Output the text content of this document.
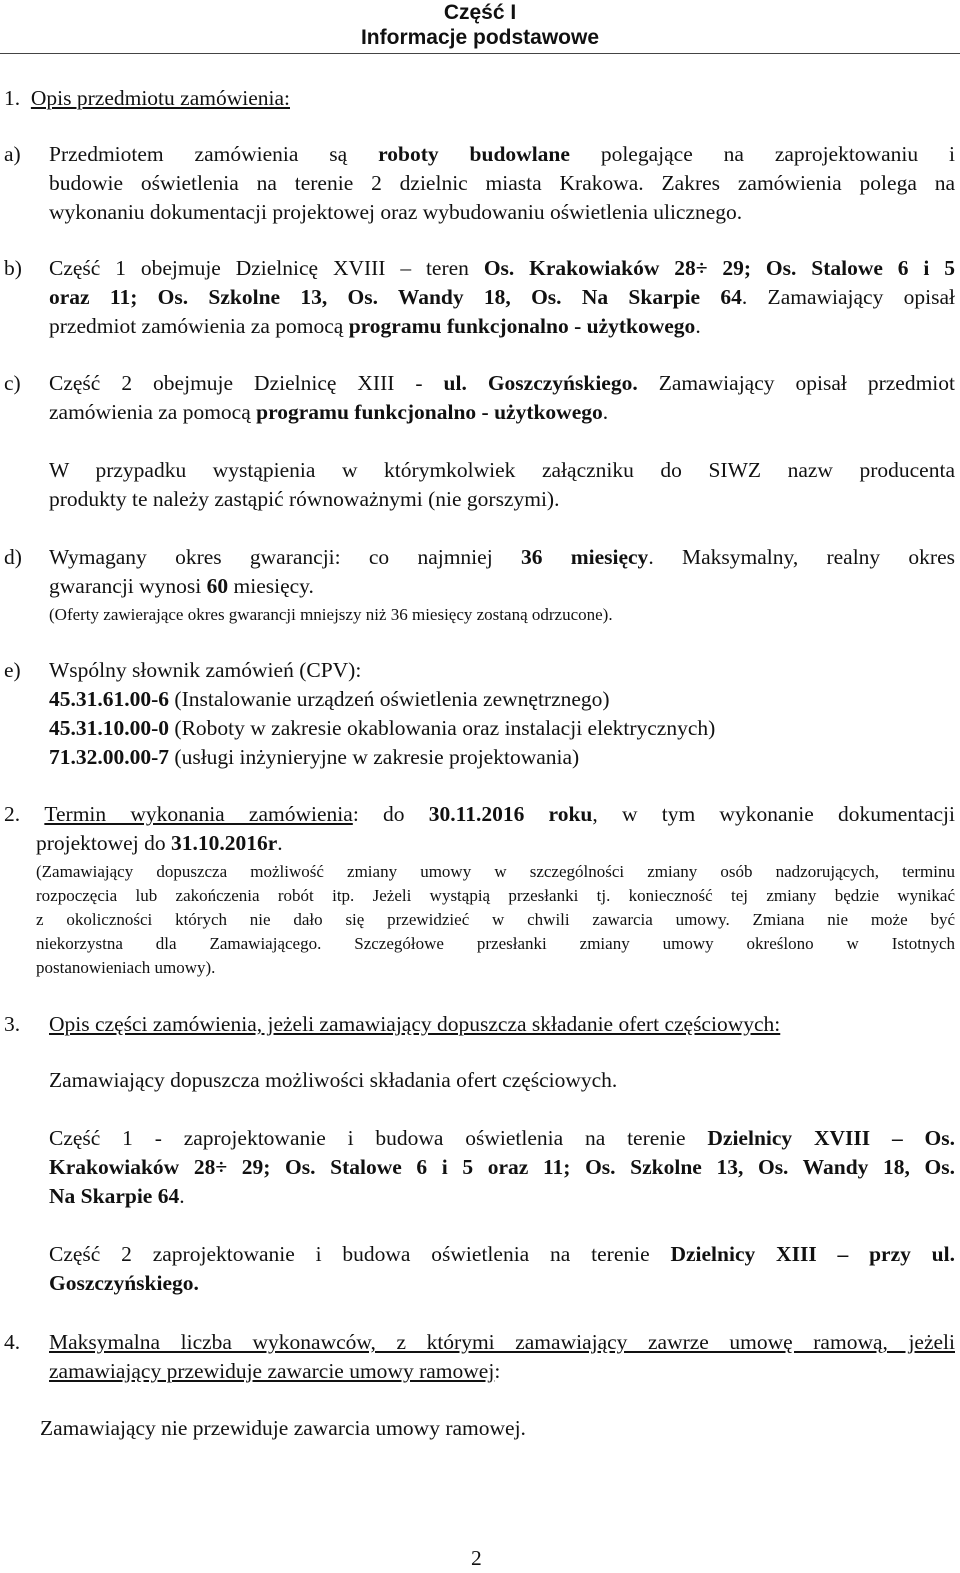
Część I
Informacje podstawowe
1. Opis przedmiotu zamówienia:
a) Przedmiotem zamówienia są roboty budowlane polegające na zaprojektowaniu i
budowie oświetlenia na terenie 2 dzielnic miasta Krakowa. Zakres zamówienia polega na
wykonaniu dokumentacji projektowej oraz wybudowaniu oświetlenia ulicznego.
b) Część 1 obejmuje Dzielnicę XVIII – teren Os. Krakowiaków 28÷ 29; Os. Stalowe 6 i 5
oraz 11; Os. Szkolne 13, Os. Wandy 18, Os. Na Skarpie 64. Zamawiający opisał
przedmiot zamówienia za pomocą programu funkcjonalno - użytkowego.
c) Część 2 obejmuje Dzielnicę XIII - ul. Goszczyńskiego. Zamawiający opisał przedmiot
zamówienia za pomocą programu funkcjonalno - użytkowego.
W przypadku wystąpienia w którymkolwiek załączniku do SIWZ nazw producenta
produkty te należy zastąpić równoważnymi (nie gorszymi).
d) Wymagany okres gwarancji: co najmniej 36 miesięcy. Maksymalny, realny okres
gwarancji wynosi 60 miesięcy.
(Oferty zawierające okres gwarancji mniejszy niż 36 miesięcy zostaną odrzucone).
e) Wspólny słownik zamówień (CPV):
45.31.61.00-6 (Instalowanie urządzeń oświetlenia zewnętrznego)
45.31.10.00-0 (Roboty w zakresie okablowania oraz instalacji elektrycznych)
71.32.00.00-7 (usługi inżynieryjne w zakresie projektowania)
2. Termin wykonania zamówienia: do 30.11.2016 roku, w tym wykonanie dokumentacji
projektowej do 31.10.2016r.
(Zamawiający dopuszcza możliwość zmiany umowy w szczególności zmiany osób nadzorujących, terminu
rozpoczęcia lub zakończenia robót itp. Jeżeli wystąpią przesłanki tj. konieczność tej zmiany będzie wynikać
z okoliczności których nie dało się przewidzieć w chwili zawarcia umowy. Zmiana nie może być
niekorzystna dla Zamawiającego. Szczegółowe przesłanki zmiany umowy określono w Istotnych
postanowieniach umowy).
3. Opis części zamówienia, jeżeli zamawiający dopuszcza składanie ofert częściowych:
Zamawiający dopuszcza możliwości składania ofert częściowych.
Część 1 - zaprojektowanie i budowa oświetlenia na terenie Dzielnicy XVIII – Os.
Krakowiaków 28÷ 29; Os. Stalowe 6 i 5 oraz 11; Os. Szkolne 13, Os. Wandy 18, Os.
Na Skarpie 64.
Część 2 zaprojektowanie i budowa oświetlenia na terenie Dzielnicy XIII – przy ul.
Goszczyńskiego.
4. Maksymalna liczba wykonawców, z którymi zamawiający zawrze umowę ramową, jeżeli
zamawiający przewiduje zawarcie umowy ramowej:
Zamawiający nie przewiduje zawarcia umowy ramowej.
2
